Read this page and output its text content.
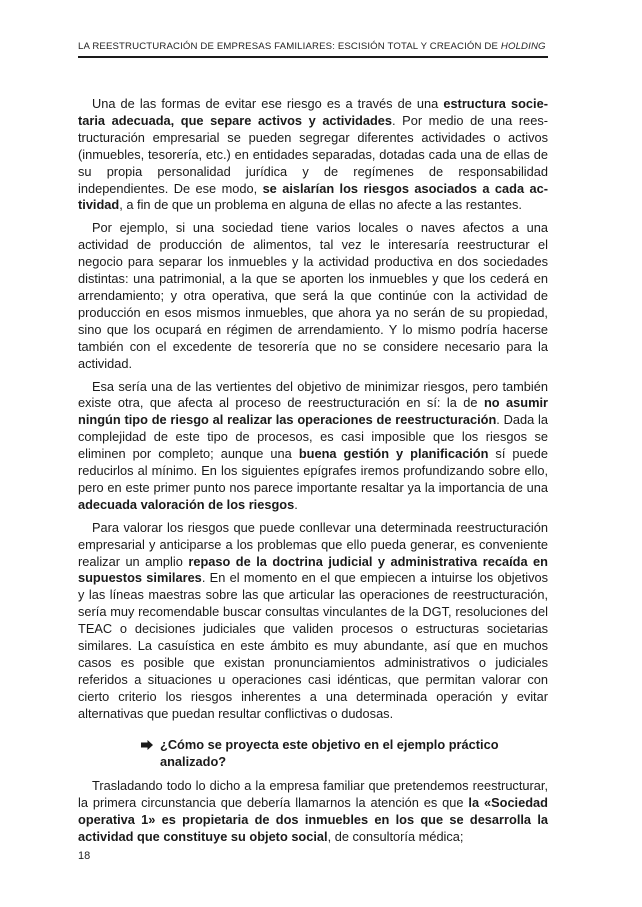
LA REESTRUCTURACIÓN DE EMPRESAS FAMILIARES: ESCISIÓN TOTAL Y CREACIÓN DE HOLDING

Una de las formas de evitar ese riesgo es a través de una estructura societaria adecuada, que separe activos y actividades. Por medio de una reestructuración empresarial se pueden segregar diferentes actividades o activos (inmuebles, tesorería, etc.) en entidades separadas, dotadas cada una de ellas de su propia personalidad jurídica y de regímenes de responsabilidad independientes. De ese modo, se aislarían los riesgos asociados a cada actividad, a fin de que un problema en alguna de ellas no afecte a las restantes.

Por ejemplo, si una sociedad tiene varios locales o naves afectos a una actividad de producción de alimentos, tal vez le interesaría reestructurar el negocio para separar los inmuebles y la actividad productiva en dos sociedades distintas: una patrimonial, a la que se aporten los inmuebles y que los cederá en arrendamiento; y otra operativa, que será la que continúe con la actividad de producción en esos mismos inmuebles, que ahora ya no serán de su propiedad, sino que los ocupará en régimen de arrendamiento. Y lo mismo podría hacerse también con el excedente de tesorería que no se considere necesario para la actividad.

Esa sería una de las vertientes del objetivo de minimizar riesgos, pero también existe otra, que afecta al proceso de reestructuración en sí: la de no asumir ningún tipo de riesgo al realizar las operaciones de reestructuración. Dada la complejidad de este tipo de procesos, es casi imposible que los riesgos se eliminen por completo; aunque una buena gestión y planificación sí puede reducirlos al mínimo. En los siguientes epígrafes iremos profundizando sobre ello, pero en este primer punto nos parece importante resaltar ya la importancia de una adecuada valoración de los riesgos.

Para valorar los riesgos que puede conllevar una determinada reestructuración empresarial y anticiparse a los problemas que ello pueda generar, es conveniente realizar un amplio repaso de la doctrina judicial y administrativa recaída en supuestos similares. En el momento en el que empiecen a intuirse los objetivos y las líneas maestras sobre las que articular las operaciones de reestructuración, sería muy recomendable buscar consultas vinculantes de la DGT, resoluciones del TEAC o decisiones judiciales que validen procesos o estructuras societarias similares. La casuística en este ámbito es muy abundante, así que en muchos casos es posible que existan pronunciamientos administrativos o judiciales referidos a situaciones u operaciones casi idénticas, que permitan valorar con cierto criterio los riesgos inherentes a una determinada operación y evitar alternativas que puedan resultar conflictivas o dudosas.

¿Cómo se proyecta este objetivo en el ejemplo práctico analizado?

Trasladando todo lo dicho a la empresa familiar que pretendemos reestructurar, la primera circunstancia que debería llamarnos la atención es que la «Sociedad operativa 1» es propietaria de dos inmuebles en los que se desarrolla la actividad que constituye su objeto social, de consultoría médica;

18
